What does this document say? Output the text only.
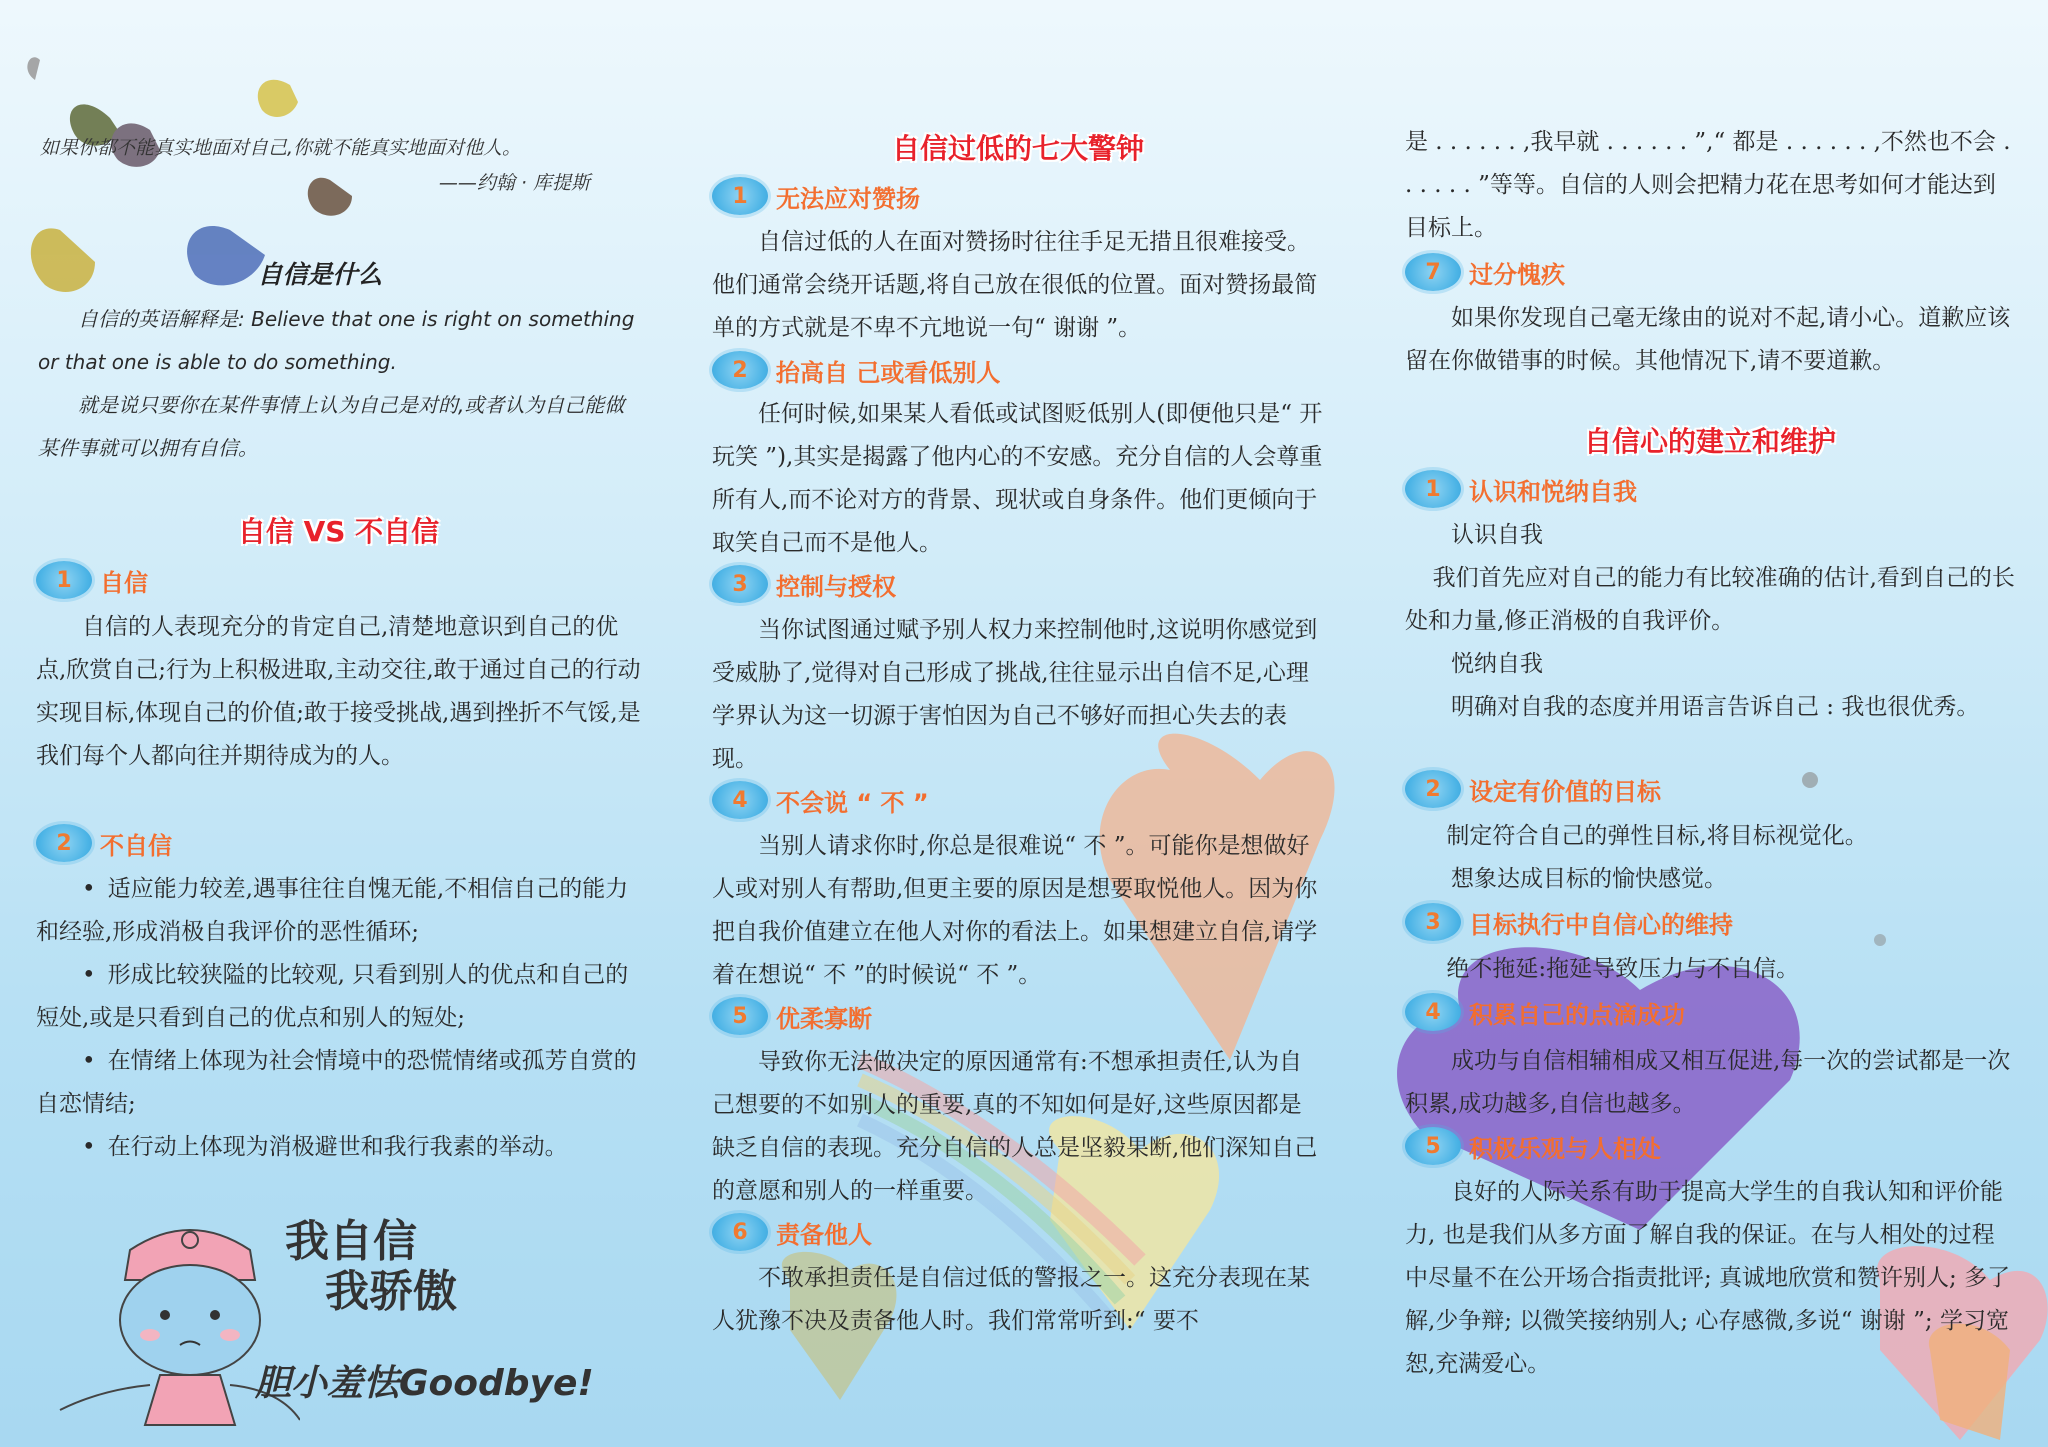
如果你都不能真实地面对自己,你就不能真实地面对他人。
——约翰 · 库提斯
自信是什么
自信的英语解释是: Believe that one is right on something or that one is able to do something.
就是说只要你在某件事情上认为自己是对的,或者认为自己能做某件事就可以拥有自信。
自信 VS 不自信
1	自信
自信的人表现充分的肯定自己,清楚地意识到自己的优点,欣赏自己;行为上积极进取,主动交往,敢于通过自己的行动实现目标,体现自己的价值;敢于接受挑战,遇到挫折不气馁,是我们每个人都向往并期待成为的人。
2	不自信

• 适应能力较差,遇事往往自愧无能,不相信自己的能力和经验,形成消极自我评价的恶性循环;

• 形成比较狭隘的比较观, 只看到别人的优点和自己的短处,或是只看到自己的优点和别人的短处;

• 在情绪上体现为社会情境中的恐慌情绪或孤芳自赏的自恋情结;

• 在行动上体现为消极避世和我行我素的举动。

我自信
我骄傲
胆小羞怯Goodbye!
自信过低的七大警钟
1	无法应对赞扬
自信过低的人在面对赞扬时往往手足无措且很难接受。他们通常会绕开话题,将自己放在很低的位置。面对赞扬最简单的方式就是不卑不亢地说一句“ 谢谢 ”。
2	抬高自 己或看低别人
任何时候,如果某人看低或试图贬低别人(即便他只是“ 开玩笑 ”),其实是揭露了他内心的不安感。充分自信的人会尊重所有人,而不论对方的背景、现状或自身条件。他们更倾向于取笑自己而不是他人。
3	控制与授权
当你试图通过赋予别人权力来控制他时,这说明你感觉到受威胁了,觉得对自己形成了挑战,往往显示出自信不足,心理学界认为这一切源于害怕因为自己不够好而担心失去的表现。
4	不会说 “ 不 ”
当别人请求你时,你总是很难说“ 不 ”。可能你是想做好人或对别人有帮助,但更主要的原因是想要取悦他人。因为你把自我价值建立在他人对你的看法上。如果想建立自信,请学着在想说“ 不 ”的时候说“ 不 ”。
5	优柔寡断
导致你无法做决定的原因通常有:不想承担责任,认为自己想要的不如别人的重要,真的不知如何是好,这些原因都是缺乏自信的表现。充分自信的人总是坚毅果断,他们深知自己的意愿和别人的一样重要。
6	责备他人
不敢承担责任是自信过低的警报之一。这充分表现在某人犹豫不决及责备他人时。我们常常听到:“ 要不
是 . . . . . . ,我早就 . . . . . . ”,“ 都是 . . . . . . ,不然也不会 . . . . . . ”等等。自信的人则会把精力花在思考如何才能达到目标上。
7	过分愧疚
如果你发现自己毫无缘由的说对不起,请小心。道歉应该留在你做错事的时候。其他情况下,请不要道歉。
自信心的建立和维护
1	认识和悦纳自我

认识自我

我们首先应对自己的能力有比较准确的估计,看到自己的长处和力量,修正消极的自我评价。

悦纳自我

明确对自我的态度并用语言告诉自己 : 我也很优秀。

2	设定有价值的目标

制定符合自己的弹性目标,将目标视觉化。

想象达成目标的愉快感觉。

3	目标执行中自信心的维持

绝不拖延:拖延导致压力与不自信。

4	积累自己的点滴成功
成功与自信相辅相成又相互促进,每一次的尝试都是一次积累,成功越多,自信也越多。
5	积极乐观与人相处
良好的人际关系有助于提高大学生的自我认知和评价能力, 也是我们从多方面了解自我的保证。在与人相处的过程中尽量不在公开场合指责批评; 真诚地欣赏和赞许别人; 多了解,少争辩; 以微笑接纳别人; 心存感微,多说“ 谢谢 ”; 学习宽恕,充满爱心。
